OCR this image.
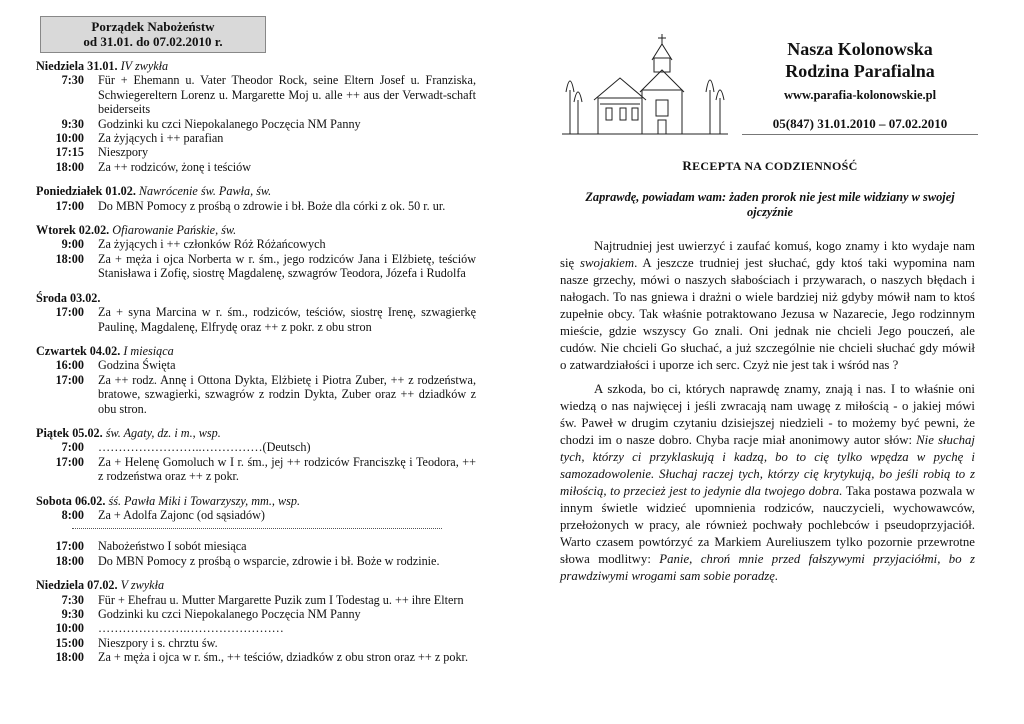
Porządek Nabożeństw
od 31.01. do 07.02.2010 r.
Niedziela 31.01. IV zwykła
7:30	Für + Ehemann u. Vater Theodor Rock, seine Eltern Josef u. Franziska, Schwiegereltern Lorenz u. Margarette Moj u. alle ++ aus der Verwadt-schaft beiderseits
9:30	Godzinki ku czci Niepokalanego Poczęcia NM Panny
10:00	Za żyjących i ++ parafian
17:15	Nieszpory
18:00	Za ++ rodziców, żonę i teściów
Poniedziałek 01.02. Nawrócenie św. Pawła, św.
17:00	Do MBN Pomocy z prośbą o zdrowie i bł. Boże dla córki z ok. 50 r. ur.
Wtorek 02.02. Ofiarowanie Pańskie, św.
9:00	Za żyjących i ++ członków Róż Różańcowych
18:00	Za + męża i ojca Norberta w r. śm., jego rodziców Jana i Elżbietę, teściów Stanisława i Zofię, siostrę Magdalenę, szwagrów Teodora, Józefa i Rudolfa
Środa 03.02.
17:00	Za + syna Marcina w r. śm., rodziców, teściów, siostrę Irenę, szwagierkę Paulinę, Magdalenę, Elfrydę oraz ++ z pokr. z obu stron
Czwartek 04.02. I miesiąca
16:00	Godzina Święta
17:00	Za ++ rodz. Annę i Ottona Dykta, Elżbietę i Piotra Zuber, ++ z rodzeństwa, bratowe, szwagierki, szwagrów z rodzin Dykta, Zuber oraz ++ dziadków z obu stron.
Piątek 05.02. św. Agaty, dz. i m., wsp.
7:00	……………………..……………(Deutsch)
17:00	Za + Helenę Gomoluch w I r. śm., jej ++ rodziców Franciszkę i Teodora, ++ z rodzeństwa oraz ++ z pokr.
Sobota 06.02. śś. Pawła Miki i Towarzyszy, mm., wsp.
8:00	Za + Adolfa Zajonc (od sąsiadów)
17:00	Nabożeństwo I sobót miesiąca
18:00	Do MBN Pomocy z prośbą o wsparcie, zdrowie i bł. Boże w rodzinie.
Niedziela 07.02. V zwykła
7:30	Für + Ehefrau u. Mutter Margarette Puzik zum I Todestag u. ++ ihre Eltern
9:30	Godzinki ku czci Niepokalanego Poczęcia NM Panny
10:00	………………….……………………
15:00	Nieszpory i s. chrztu św.
18:00	Za + męża i ojca w r. śm., ++ teściów, dziadków z obu stron oraz ++ z pokr.
Nasza Kolonowska
Rodzina Parafialna
www.parafia-kolonowskie.pl
05(847) 31.01.2010 – 07.02.2010
RECEPTA NA CODZIENNOŚĆ
Zaprawdę, powiadam wam: żaden prorok nie jest mile widziany w swojej ojczyźnie

Najtrudniej jest uwierzyć i zaufać komuś, kogo znamy i kto wydaje nam się swojakiem. A jeszcze trudniej jest słuchać, gdy ktoś taki wypomina nam nasze grzechy, mówi o naszych słabościach i przywarach, o naszych błędach i nałogach. To nas gniewa i drażni o wiele bardziej niż gdyby mówił nam to ktoś zupełnie obcy. Tak właśnie potraktowano Jezusa w Nazarecie, Jego rodzinnym mieście, gdzie wszyscy Go znali. Oni jednak nie chcieli Jego pouczeń, ale cudów. Nie chcieli Go słuchać, a już szczególnie nie chcieli słuchać gdy mówił o zatwardziałości i uporze ich serc. Czyż nie jest tak i wśród nas ?

A szkoda, bo ci, których naprawdę znamy, znają i nas. I to właśnie oni wiedzą o nas najwięcej i jeśli zwracają nam uwagę z miłością - o jakiej mówi św. Paweł w drugim czytaniu dzisiejszej niedzieli - to możemy być pewni, że chodzi im o nasze dobro. Chyba racje miał anonimowy autor słów: Nie słuchaj tych, którzy ci przyklaskują i kadzą, bo to cię tylko wpędza w pychę i samozadowolenie. Słuchaj raczej tych, którzy cię krytykują, bo jeśli robią to z miłością, to przecież jest to jedynie dla twojego dobra. Taka postawa pozwala w innym świetle widzieć upomnienia rodziców, nauczycieli, wychowawców, przełożonych w pracy, ale również pochwały pochlebców i pseudoprzyjaciół. Warto czasem powtórzyć za Markiem Aureliuszem tylko pozornie przewrotne słowa modlitwy: Panie, chroń mnie przed fałszywymi przyjaciółmi, bo z prawdziwymi wrogami sam sobie poradzę.
